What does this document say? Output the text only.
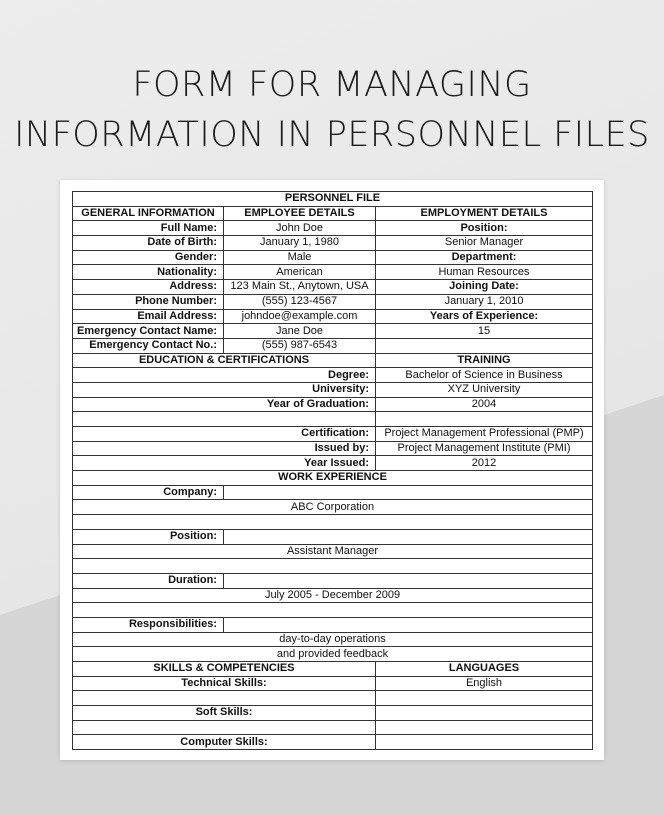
FORM FOR MANAGING
INFORMATION IN PERSONNEL FILES
PERSONNEL FILE		
GENERAL INFORMATION	EMPLOYEE DETAILS	EMPLOYMENT DETAILS
Full Name:	John Doe	Position:
Date of Birth:	January 1, 1980	Senior Manager
Gender:	Male	Department:
Nationality:	American	Human Resources
Address:	123 Main St., Anytown, USA	Joining Date:
Phone Number:	(555) 123-4567	January 1, 2010
Email Address:	johndoe@example.com	Years of Experience:
Emergency Contact Name:	Jane Doe	15
Emergency Contact No.:	(555) 987-6543	
EDUCATION & CERTIFICATIONS		TRAINING
Degree:		Bachelor of Science in Business
University:		XYZ University
Year of Graduation:		2004

Certification:		Project Management Professional (PMP)
Issued by:		Project Management Institute (PMI)
Year Issued:		2012
WORK EXPERIENCE		
Company:		
ABC Corporation		

Position:		
Assistant Manager		

Duration:		
July 2005 - December 2009		

Responsibilities:		
day-to-day operations		
and provided feedback		
SKILLS & COMPETENCIES		LANGUAGES
Technical Skills:		English

Soft Skills:		

Computer Skills:		
